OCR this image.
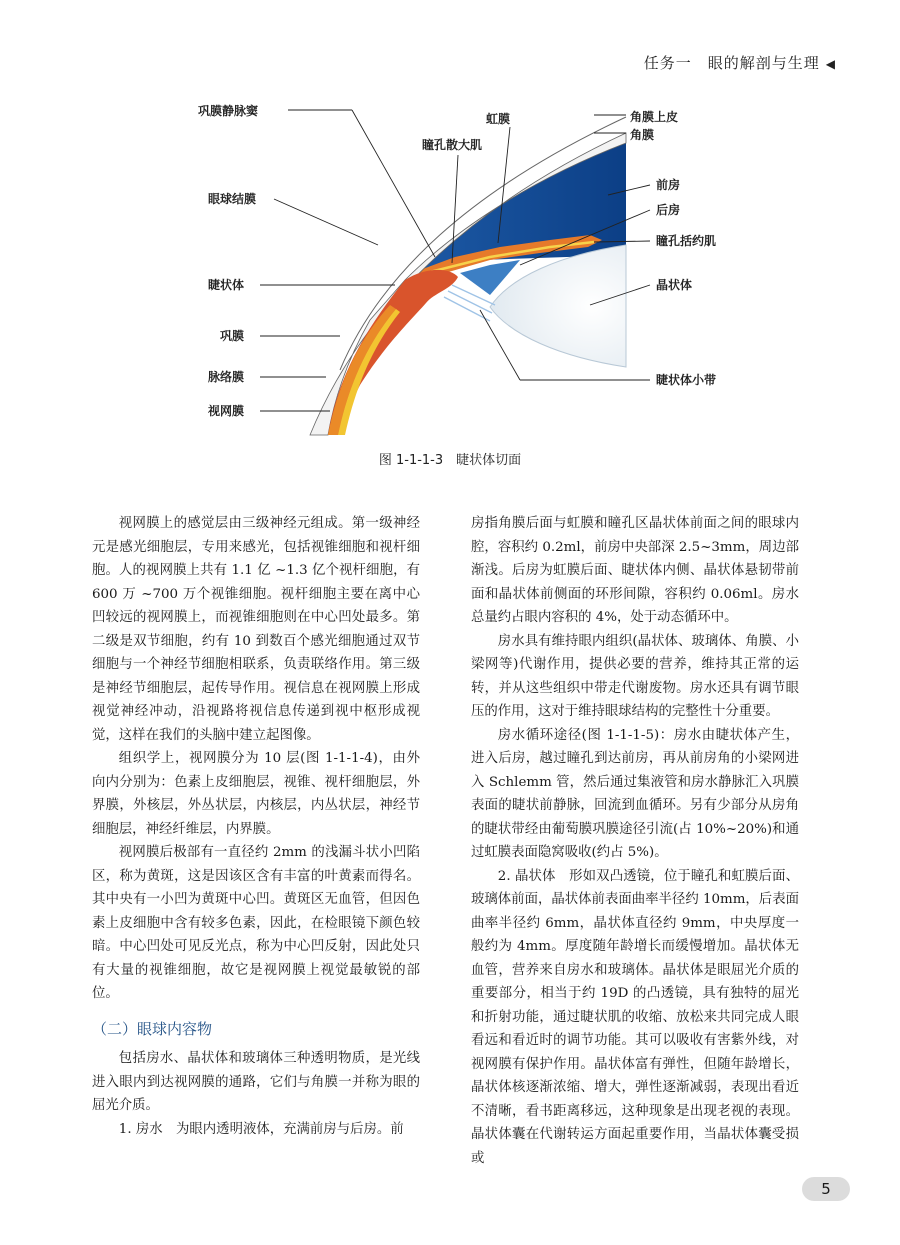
任务一　眼的解剖与生理 ◀
巩膜静脉窦
虹膜	角膜上皮
角膜
瞳孔散大肌
眼球结膜
前房
后房
瞳孔括约肌
睫状体	晶状体
巩膜
脉络膜	睫状体小带
视网膜
图 1-1-1-3　睫状体切面

视网膜上的感觉层由三级神经元组成。第一级神经元是感光细胞层，专用来感光，包括视锥细胞和视杆细胞。人的视网膜上共有 1.1 亿 ~1.3 亿个视杆细胞，有 600 万 ~700 万个视锥细胞。视杆细胞主要在离中心凹较远的视网膜上，而视锥细胞则在中心凹处最多。第二级是双节细胞，约有 10 到数百个感光细胞通过双节细胞与一个神经节细胞相联系，负责联络作用。第三级是神经节细胞层，起传导作用。视信息在视网膜上形成视觉神经冲动，沿视路将视信息传递到视中枢形成视觉，这样在我们的头脑中建立起图像。

组织学上，视网膜分为 10 层(图 1-1-1-4)，由外向内分别为：色素上皮细胞层，视锥、视杆细胞层，外界膜，外核层，外丛状层，内核层，内丛状层，神经节细胞层，神经纤维层，内界膜。

视网膜后极部有一直径约 2mm 的浅漏斗状小凹陷区，称为黄斑，这是因该区含有丰富的叶黄素而得名。其中央有一小凹为黄斑中心凹。黄斑区无血管，但因色素上皮细胞中含有较多色素，因此，在检眼镜下颜色较暗。中心凹处可见反光点，称为中心凹反射，因此处只有大量的视锥细胞，故它是视网膜上视觉最敏锐的部位。

（二）眼球内容物

包括房水、晶状体和玻璃体三种透明物质，是光线进入眼内到达视网膜的通路，它们与角膜一并称为眼的屈光介质。

1. 房水　为眼内透明液体，充满前房与后房。前

房指角膜后面与虹膜和瞳孔区晶状体前面之间的眼球内腔，容积约 0.2ml，前房中央部深 2.5~3mm，周边部渐浅。后房为虹膜后面、睫状体内侧、晶状体悬韧带前面和晶状体前侧面的环形间隙，容积约 0.06ml。房水总量约占眼内容积的 4%，处于动态循环中。

房水具有维持眼内组织(晶状体、玻璃体、角膜、小梁网等)代谢作用，提供必要的营养，维持其正常的运转，并从这些组织中带走代谢废物。房水还具有调节眼压的作用，这对于维持眼球结构的完整性十分重要。

房水循环途径(图 1-1-1-5)：房水由睫状体产生，进入后房，越过瞳孔到达前房，再从前房角的小梁网进入 Schlemm 管，然后通过集液管和房水静脉汇入巩膜表面的睫状前静脉，回流到血循环。另有少部分从房角的睫状带经由葡萄膜巩膜途径引流(占 10%~20%)和通过虹膜表面隐窝吸收(约占 5%)。

2. 晶状体　形如双凸透镜，位于瞳孔和虹膜后面、玻璃体前面，晶状体前表面曲率半径约 10mm，后表面曲率半径约 6mm，晶状体直径约 9mm，中央厚度一般约为 4mm。厚度随年龄增长而缓慢增加。晶状体无血管，营养来自房水和玻璃体。晶状体是眼屈光介质的重要部分，相当于约 19D 的凸透镜，具有独特的屈光和折射功能，通过睫状肌的收缩、放松来共同完成人眼看远和看近时的调节功能。其可以吸收有害紫外线，对视网膜有保护作用。晶状体富有弹性，但随年龄增长，晶状体核逐渐浓缩、增大，弹性逐渐减弱，表现出看近不清晰，看书距离移远，这种现象是出现老视的表现。晶状体囊在代谢转运方面起重要作用，当晶状体囊受损或

5
